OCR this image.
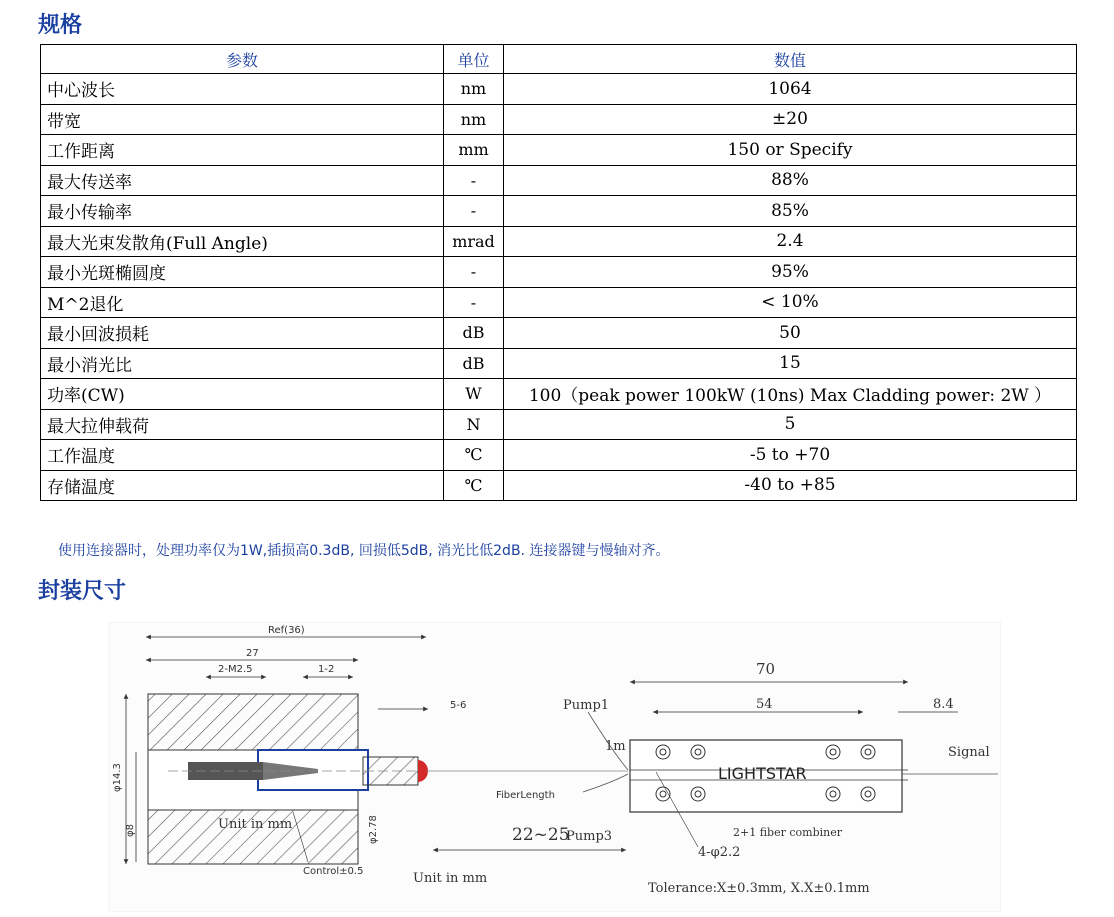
规格
参数	单位	数值
中心波长	nm	1064
带宽	nm	±20
工作距离	mm	150 or Specify
最大传送率	-	88%
最小传输率	-	85%
最大光束发散角(Full Angle)	mrad	2.4
最小光斑椭圆度	-	95%
M^2退化	-	< 10%
最小回波损耗	dB	50
最小消光比	dB	15
功率(CW)	W	100（peak power 100kW (10ns) Max Cladding power: 2W ）
最大拉伸载荷	N	5
工作温度	℃	-5 to +70
存储温度	℃	-40 to +85
使用连接器时，处理功率仅为1W,插损高0.3dB, 回损低5dB, 消光比低2dB. 连接器键与慢轴对齐。
封装尺寸
Ref(36)
27
2-M2.5	1-2
5-6
φ14.3
φ8	φ2.78
Unit in mm
Control±0.5	Unit in mm
FiberLength
22~25
Pump3
Pump1
1m
70
54	8.4
Signal
LIGHTSTAR
2+1 fiber combiner
4-φ2.2
Tolerance:X±0.3mm, X.X±0.1mm
